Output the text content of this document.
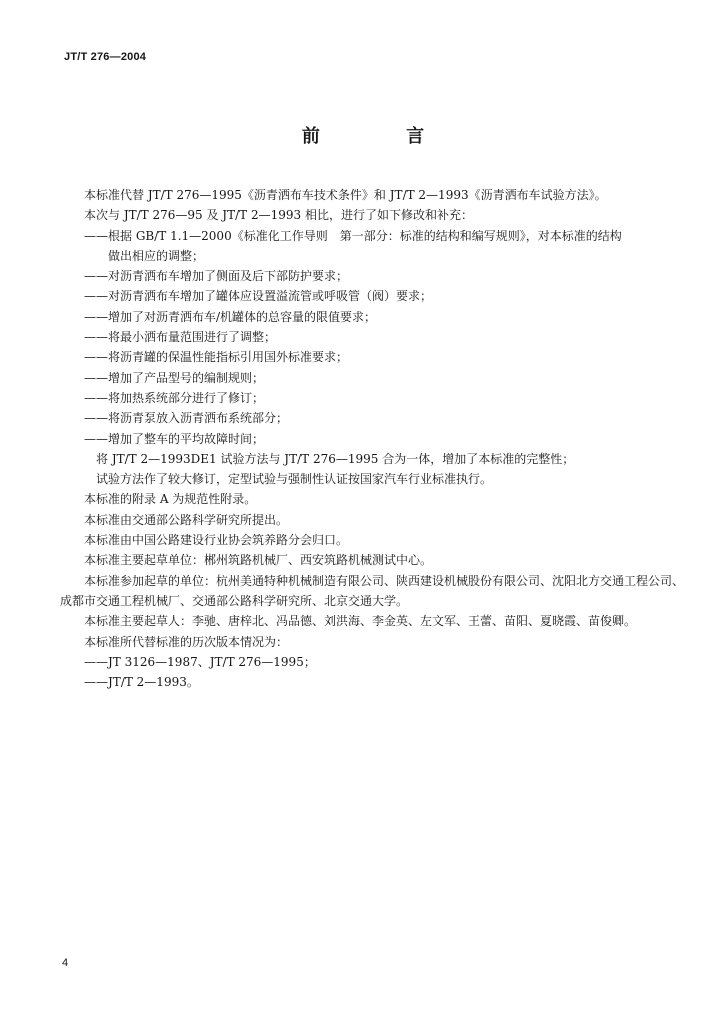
JT/T 276—2004
前 言

本标准代替 JT/T 276—1995《沥青洒布车技术条件》和 JT/T 2—1993《沥青洒布车试验方法》。

本次与 JT/T 276—95 及 JT/T 2—1993 相比，进行了如下修改和补充：

——根据 GB/T 1.1—2000《标准化工作导则　第一部分：标准的结构和编写规则》，对本标准的结构

做出相应的调整；

——对沥青洒布车增加了侧面及后下部防护要求；

——对沥青洒布车增加了罐体应设置溢流管或呼吸管（阀）要求；

——增加了对沥青洒布车/机罐体的总容量的限值要求；

——将最小洒布量范围进行了调整；

——将沥青罐的保温性能指标引用国外标准要求；

——增加了产品型号的编制规则；

——将加热系统部分进行了修订；

——将沥青泵放入沥青洒布系统部分；

——增加了整车的平均故障时间；

将 JT/T 2—1993DE1 试验方法与 JT/T 276—1995 合为一体，增加了本标准的完整性；

试验方法作了较大修订，定型试验与强制性认证按国家汽车行业标准执行。

本标准的附录 A 为规范性附录。

本标准由交通部公路科学研究所提出。

本标准由中国公路建设行业协会筑养路分会归口。

本标准主要起草单位：郴州筑路机械厂、西安筑路机械测试中心。

本标准参加起草的单位：杭州美通特种机械制造有限公司、陕西建设机械股份有限公司、沈阳北方交通工程公司、成都市交通工程机械厂、交通部公路科学研究所、北京交通大学。

本标准主要起草人：李驰、唐梓北、冯品德、刘洪海、李金英、左文军、王蕾、苗阳、夏晓霞、苗俊卿。

本标准所代替标准的历次版本情况为：

——JT 3126—1987、JT/T 276—1995；

——JT/T 2—1993。

4
